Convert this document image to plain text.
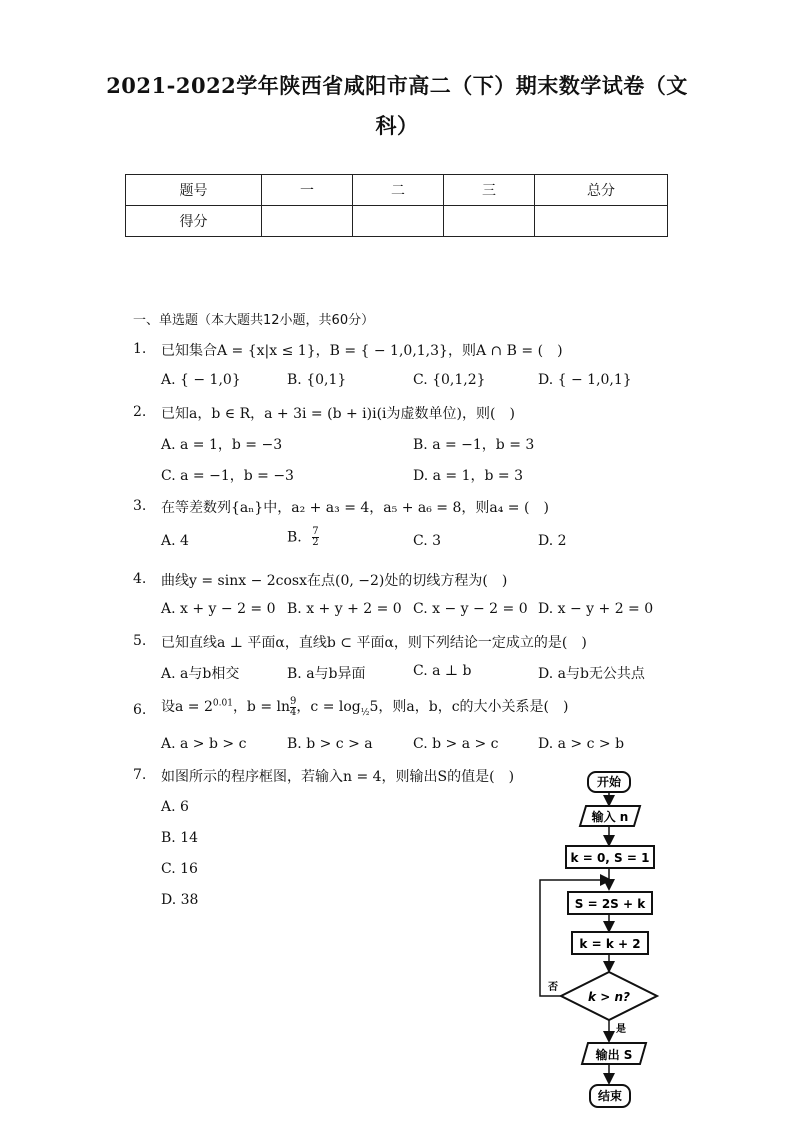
2021-2022学年陕西省咸阳市高二（下）期末数学试卷（文
科）
题号	一	二	三	总分
得分				
一、单选题（本大题共12小题，共60分）
1.	已知集合A = {x|x ≤ 1}，B = { − 1,0,1,3}，则A ∩ B = (　)
A. { − 1,0}	B. {0,1}	C. {0,1,2}	D. { − 1,0,1}
2.	已知a，b ∈ R，a + 3i = (b + i)i(i为虚数单位)，则(　)
A. a = 1，b = −3	B. a = −1，b = 3
C. a = −1，b = −3	D. a = 1，b = 3
3.	在等差数列{aₙ}中，a₂ + a₃ = 4，a₅ + a₆ = 8，则a₄ = (　)
A. 4	B. $\frac{7}{2}$	C. 3	D. 2
4.	曲线y = sinx − 2cosx在点(0, −2)处的切线方程为(　)
A. x + y − 2 = 0 B. x + y + 2 = 0 C. x − y − 2 = 0 D. x − y + 2 = 0
5.	已知直线a ⊥ 平面α，直线b ⊂ 平面α，则下列结论一定成立的是(　)
A. a与b相交	B. a与b异面	C. a ⊥ b	D. a与b无公共点
6.	设$a = 2^{0.01}$，$b = \ln \frac{9}{4}$ ，$c = \log_{\frac{1}{2}}5$，则a，b，c的大小关系是(　)
A. a > b > c	B. b > c > a	C. b > a > c	D. a > c > b
7.	如图所示的程序框图，若输入n = 4，则输出S的值是(　)
A. 6
B. 14
C. 16
D. 38
开始
输入 n
k = 0, S = 1
S = 2S + k
k = k + 2
k > n?
否
是
输出 S
结束
